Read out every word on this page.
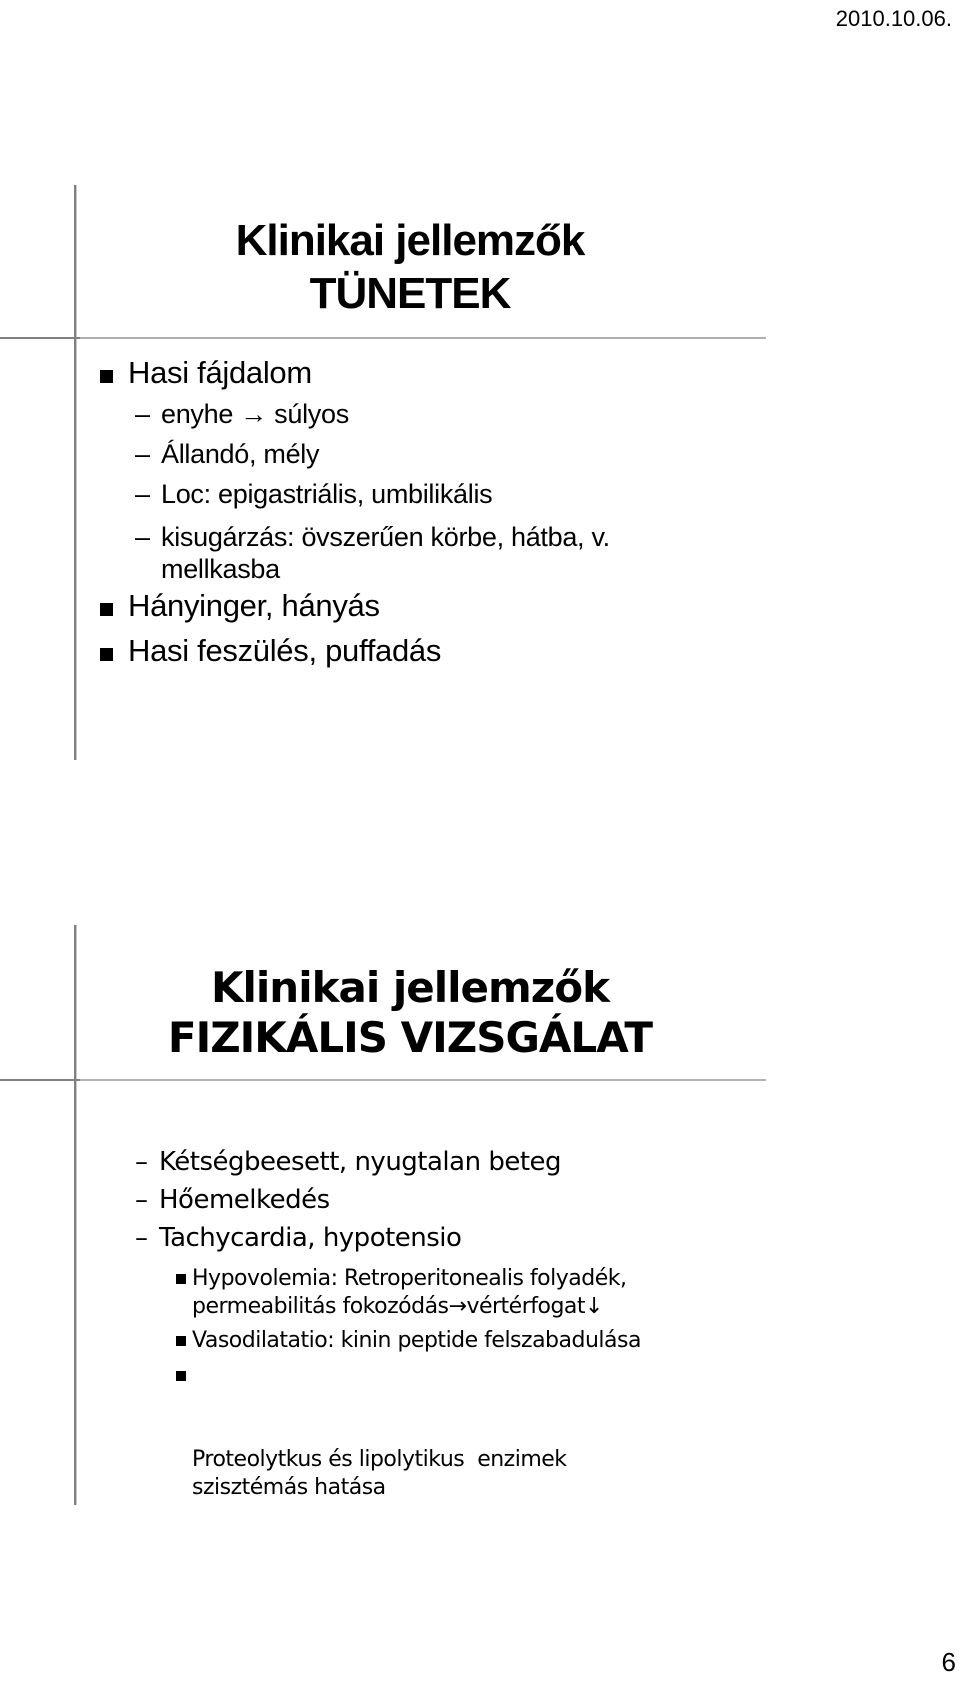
2010.10.06.
Klinikai jellemzők
TÜNETEK
Hasi fájdalom
– enyhe → súlyos
– Állandó, mély
– Loc: epigastriális, umbilikális
– kisugárzás: övszerűen körbe, hátba, v. mellkasba
Hányinger, hányás
Hasi feszülés, puffadás
Klinikai jellemzők
FIZIKÁLIS VIZSGÁLAT
– Kétségbeesett, nyugtalan beteg
– Hőemelkedés
– Tachycardia, hypotensio
Hypovolemia: Retroperitonealis folyadék, permeabilitás fokozódás→vértérfogat↓
Vasodilatatio: kinin peptide felszabadulása

Proteolytkus és lipolytikus  enzimek szisztémás hatása

6
